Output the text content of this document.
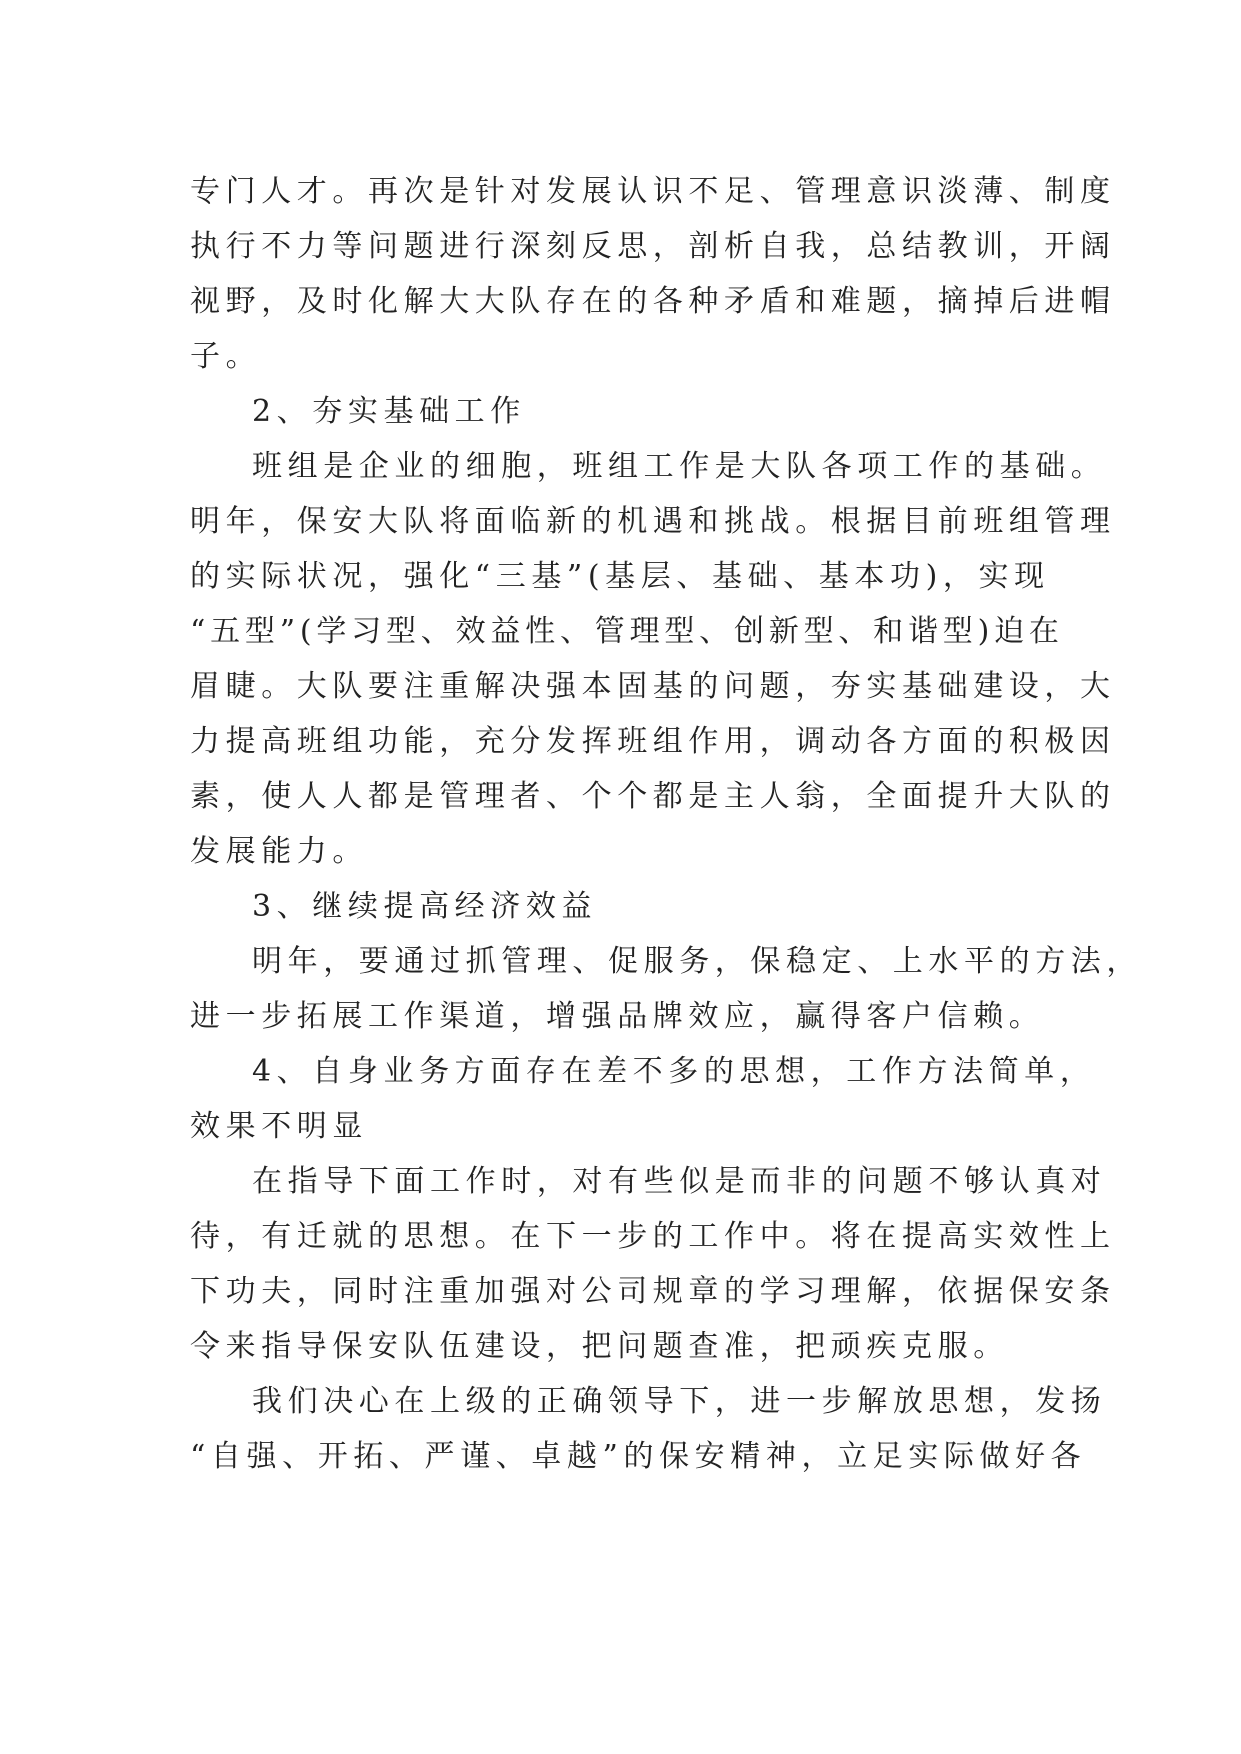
专门人才。再次是针对发展认识不足、管理意识淡薄、制度
执行不力等问题进行深刻反思，剖析自我，总结教训，开阔
视野，及时化解大大队存在的各种矛盾和难题，摘掉后进帽
子。
2、夯实基础工作
班组是企业的细胞，班组工作是大队各项工作的基础。
明年，保安大队将面临新的机遇和挑战。根据目前班组管理
的实际状况，强化“三基”(基层、基础、基本功)，实现
“五型”(学习型、效益性、管理型、创新型、和谐型)迫在
眉睫。大队要注重解决强本固基的问题，夯实基础建设，大
力提高班组功能，充分发挥班组作用，调动各方面的积极因
素，使人人都是管理者、个个都是主人翁，全面提升大队的
发展能力。
3、继续提高经济效益
明年，要通过抓管理、促服务，保稳定、上水平的方法，
进一步拓展工作渠道，增强品牌效应，赢得客户信赖。
4、自身业务方面存在差不多的思想，工作方法简单，
效果不明显
在指导下面工作时，对有些似是而非的问题不够认真对
待，有迁就的思想。在下一步的工作中。将在提高实效性上
下功夫，同时注重加强对公司规章的学习理解，依据保安条
令来指导保安队伍建设，把问题查准，把顽疾克服。
我们决心在上级的正确领导下，进一步解放思想，发扬
“自强、开拓、严谨、卓越”的保安精神，立足实际做好各
